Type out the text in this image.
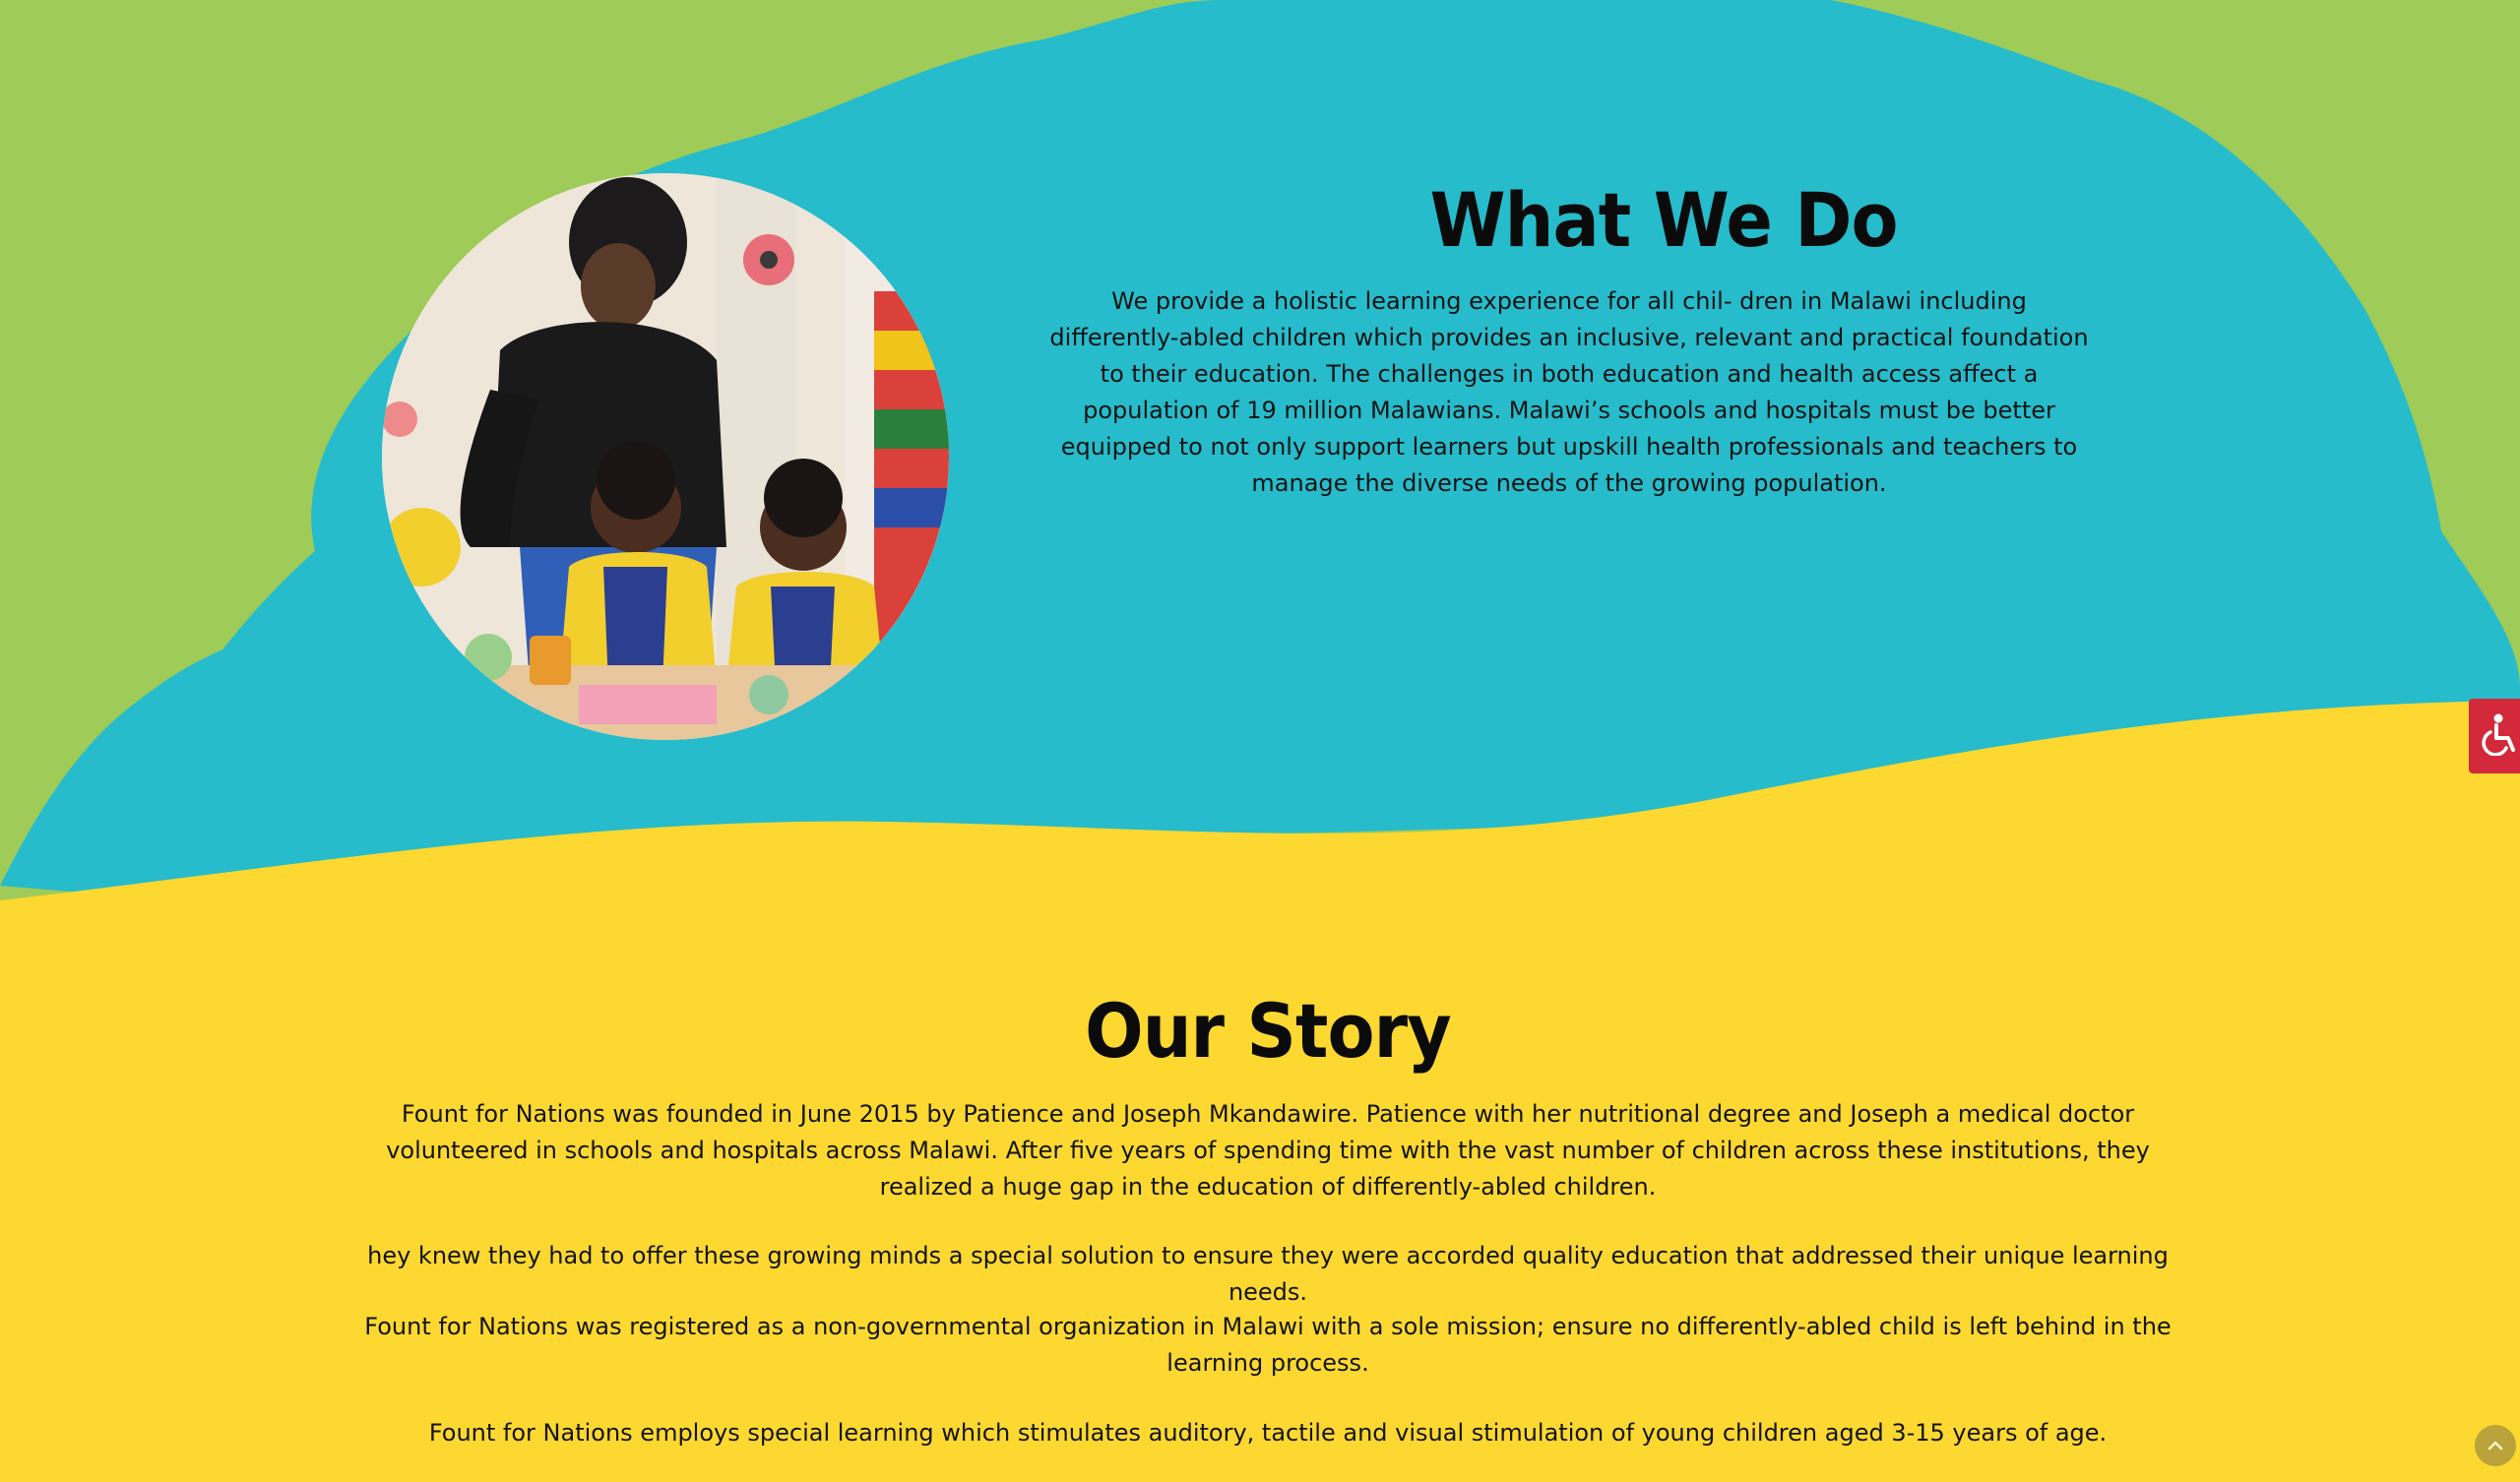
What We Do

We provide a holistic learning experience for all chil- dren in Malawi including differently-abled children which provides an inclusive, relevant and practical foundation to their education. The challenges in both education and health access affect a population of 19 million Malawians. Malawi’s schools and hospitals must be better equipped to not only support learners but upskill health professionals and teachers to manage the diverse needs of the growing population.

Our Story

Fount for Nations was founded in June 2015 by Patience and Joseph Mkandawire. Patience with her nutritional degree and Joseph a medical doctor volunteered in schools and hospitals across Malawi. After five years of spending time with the vast number of children across these institutions, they realized a huge gap in the education of differently-abled children.

hey knew they had to offer these growing minds a special solution to ensure they were accorded quality education that addressed their unique learning needs.

Fount for Nations was registered as a non-governmental organization in Malawi with a sole mission; ensure no differently-abled child is left behind in the learning process.

Fount for Nations employs special learning which stimulates auditory, tactile and visual stimulation of young children aged 3-15 years of age.
